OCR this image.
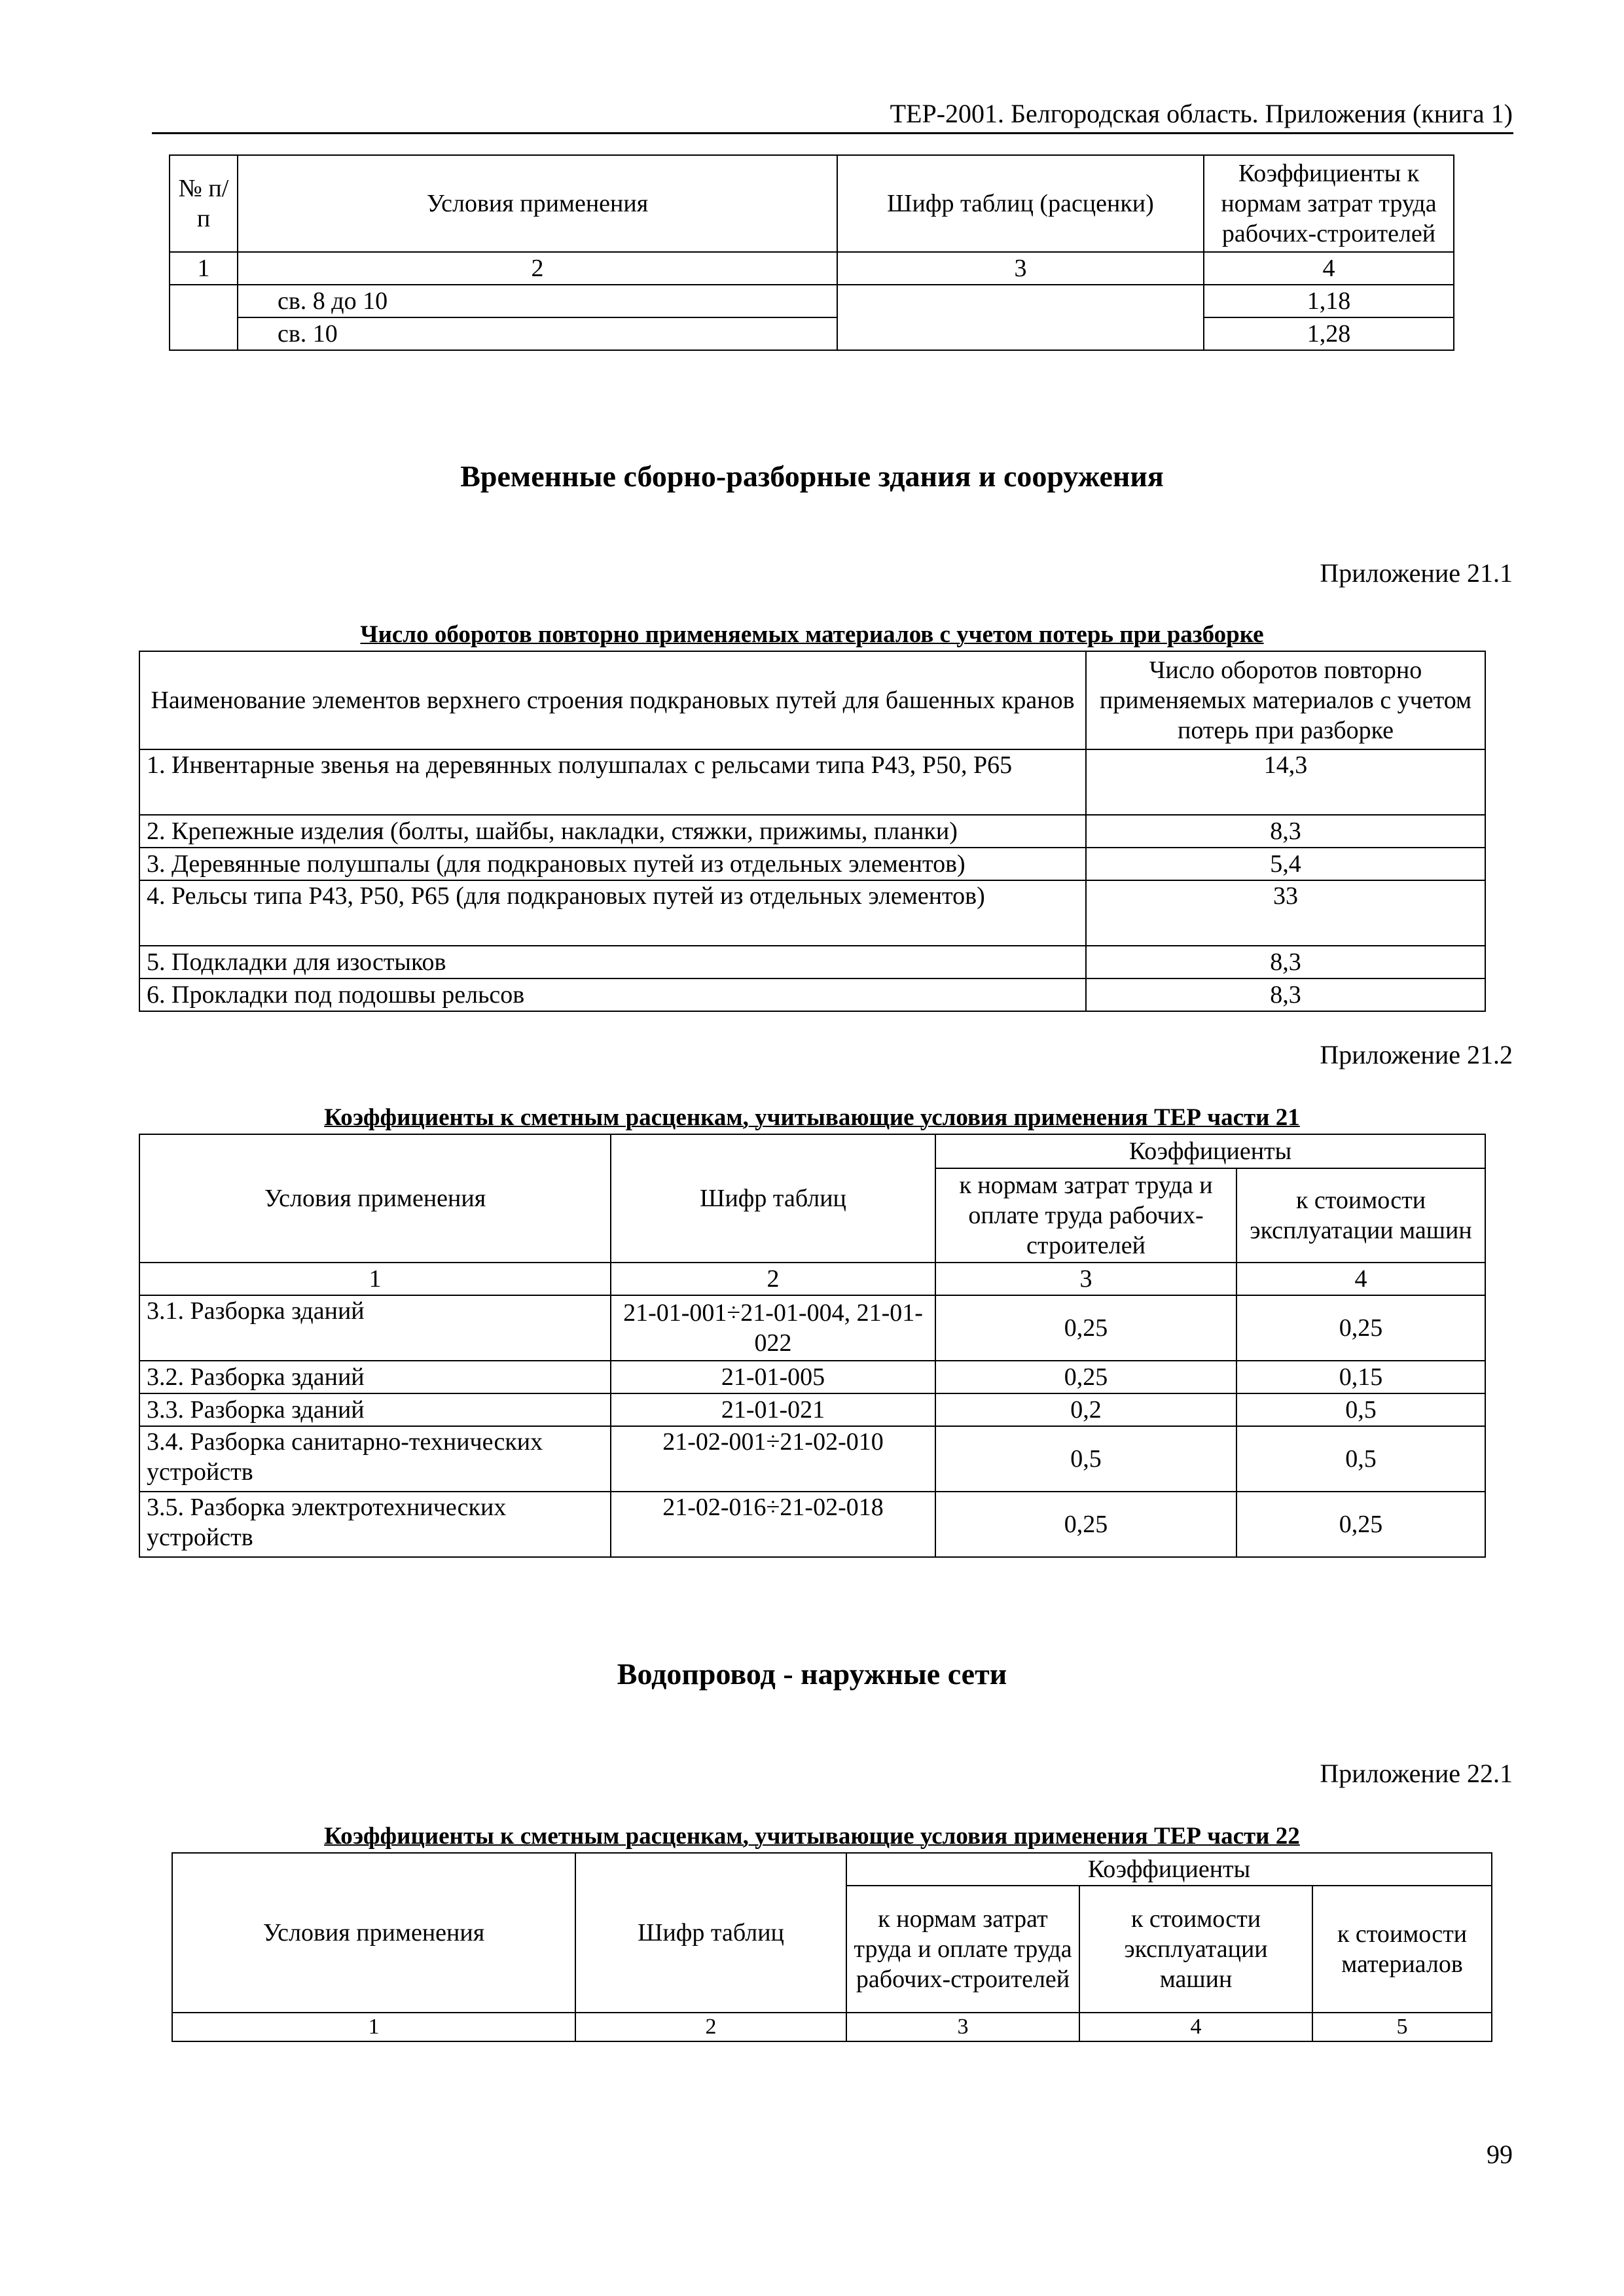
ТЕР-2001. Белгородская область. Приложения (книга 1)
№ п/п	Условия применения	Шифр таблиц (расценки)	Коэффициенты к нормам затрат труда рабочих-строителей
1	2	3	4
	св. 8 до 10		1,18
	св. 10		1,28
Временные сборно-разборные здания и сооружения
Приложение 21.1
Число оборотов повторно применяемых материалов с учетом потерь при разборке
Наименование элементов верхнего строения подкрановых путей для башенных кранов	Число оборотов повторно применяемых материалов с учетом потерь при разборке
1. Инвентарные звенья на деревянных полушпалах с рельсами типа Р43, Р50, Р65	14,3
2. Крепежные изделия (болты, шайбы, накладки, стяжки, прижимы, планки)	8,3
3. Деревянные полушпалы (для подкрановых путей из отдельных элементов)	5,4
4. Рельсы типа Р43, Р50, Р65 (для подкрановых путей из отдельных элементов)	33
5. Подкладки для изостыков	8,3
6. Прокладки под подошвы рельсов	8,3
Приложение 21.2
Коэффициенты к сметным расценкам, учитывающие условия применения ТЕР части 21
Условия применения	Шифр таблиц	Коэффициенты	
		к нормам затрат труда и оплате труда рабочих-строителей	к стоимости эксплуатации машин
1	2	3	4
3.1. Разборка зданий	21-01-001÷21-01-004, 21-01-022	0,25	0,25
3.2. Разборка зданий	21-01-005	0,25	0,15
3.3. Разборка зданий	21-01-021	0,2	0,5
3.4. Разборка санитарно-технических устройств	21-02-001÷21-02-010	0,5	0,5
3.5. Разборка электротехнических устройств	21-02-016÷21-02-018	0,25	0,25
Водопровод - наружные сети
Приложение 22.1
Коэффициенты к сметным расценкам, учитывающие условия применения ТЕР части 22
Условия применения	Шифр таблиц	Коэффициенты		
		к нормам затрат труда и оплате труда рабочих-строителей	к стоимости эксплуатации машин	к стоимости материалов
1	2	3	4	5
99
